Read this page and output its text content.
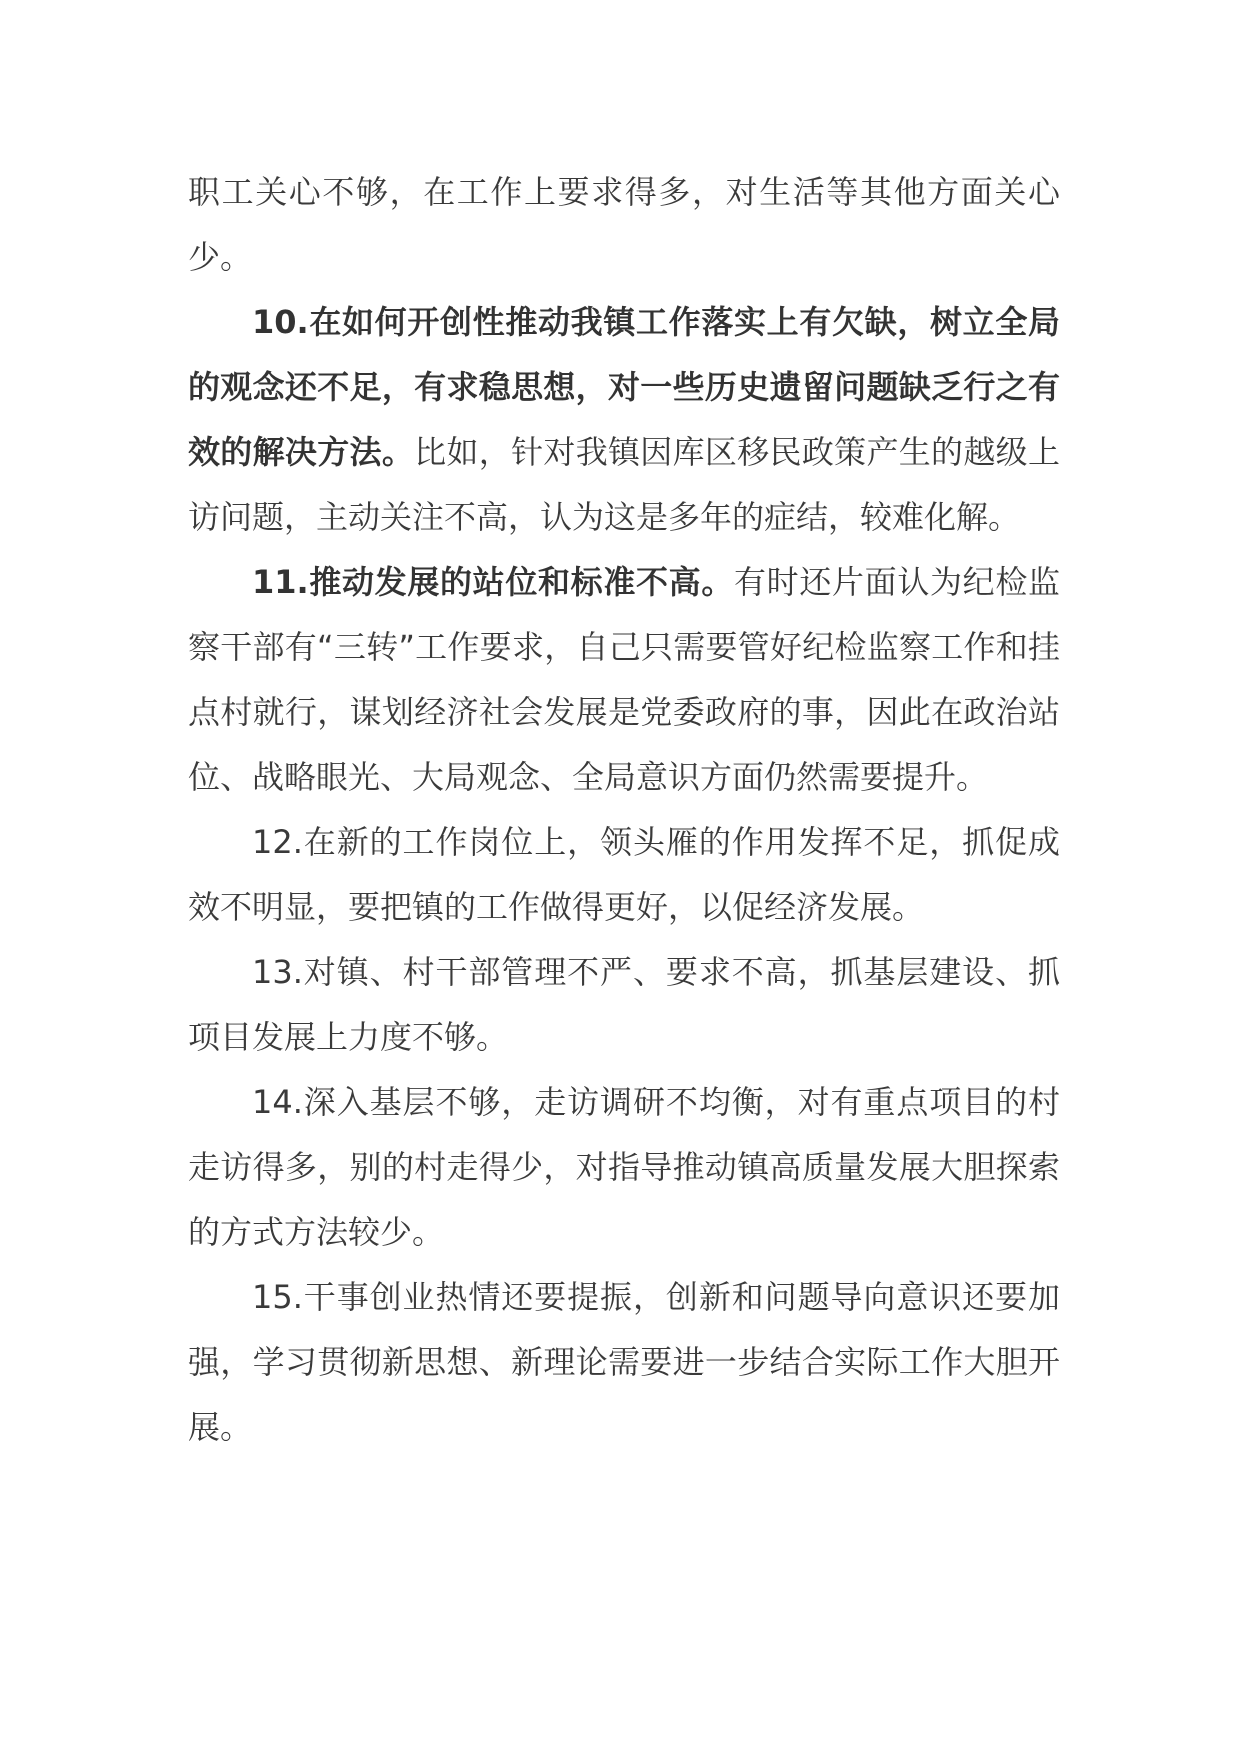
职工关心不够，在工作上要求得多，对生活等其他方面关心少。

10.在如何开创性推动我镇工作落实上有欠缺，树立全局的观念还不足，有求稳思想，对一些历史遗留问题缺乏行之有效的解决方法。比如，针对我镇因库区移民政策产生的越级上访问题，主动关注不高，认为这是多年的症结，较难化解。

11.推动发展的站位和标准不高。有时还片面认为纪检监察干部有“三转”工作要求，自己只需要管好纪检监察工作和挂点村就行，谋划经济社会发展是党委政府的事，因此在政治站位、战略眼光、大局观念、全局意识方面仍然需要提升。

12.在新的工作岗位上，领头雁的作用发挥不足，抓促成效不明显，要把镇的工作做得更好，以促经济发展。

13.对镇、村干部管理不严、要求不高，抓基层建设、抓项目发展上力度不够。

14.深入基层不够，走访调研不均衡，对有重点项目的村走访得多，别的村走得少，对指导推动镇高质量发展大胆探索的方式方法较少。

15.干事创业热情还要提振，创新和问题导向意识还要加强，学习贯彻新思想、新理论需要进一步结合实际工作大胆开展。
